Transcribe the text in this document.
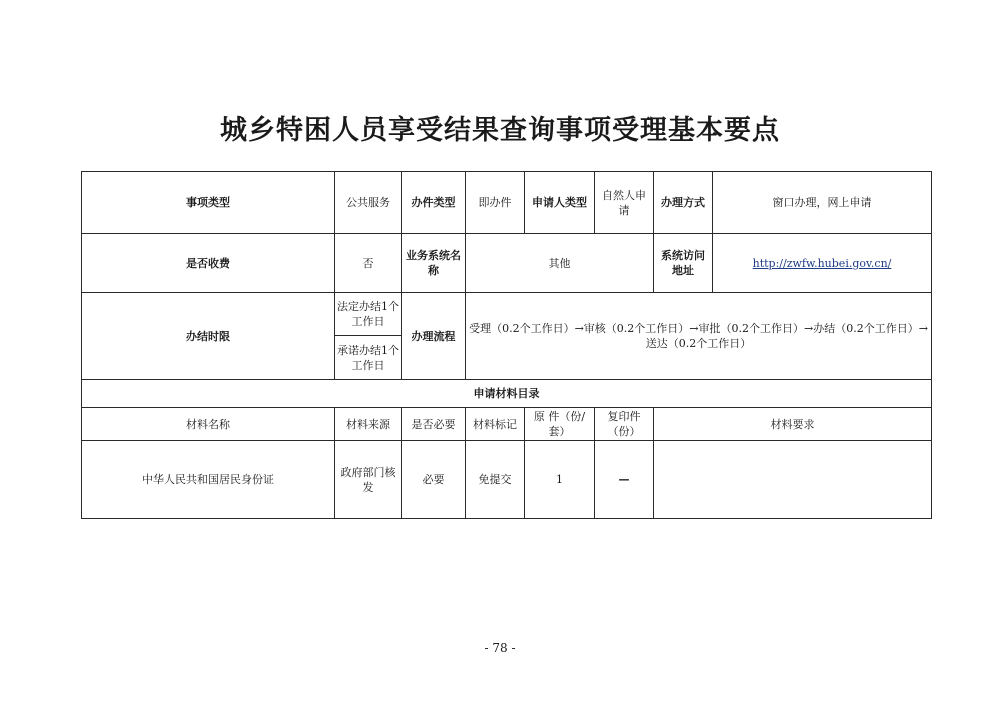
城乡特困人员享受结果查询事项受理基本要点
事项类型	公共服务	办件类型	即办件	申请人类型	自然人申请	办理方式	窗口办理，网上申请
是否收费	否	业务系统名称	其他			系统访问地址	http://zwfw.hubei.gov.cn/
办结时限	法定办结1个工作日	办理流程	受理（0.2个工作日）→审核（0.2个工作日）→审批（0.2个工作日）→办结（0.2个工作日）→送达（0.2个工作日）				
	承诺办结1个工作日						
申请材料目录							
材料名称	材料来源	是否必要	材料标记	原 件（份/套）	复印件（份）	材料要求	
中华人民共和国居民身份证	政府部门核发	必要	免提交	1	—		
- 78 -
